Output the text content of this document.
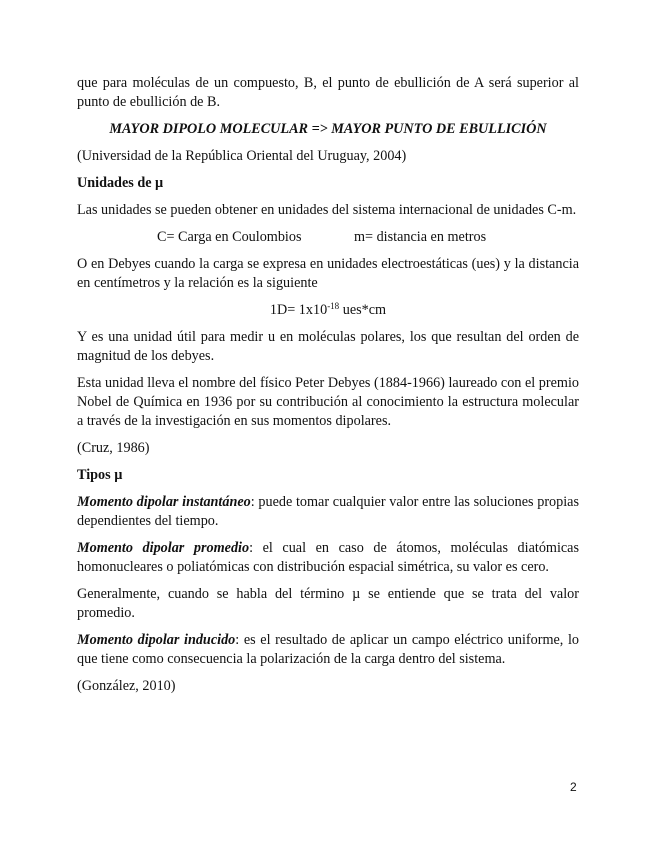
que para moléculas de un compuesto, B, el punto de ebullición de A será superior al punto de ebullición de B.

MAYOR DIPOLO MOLECULAR => MAYOR PUNTO DE EBULLICIÓN

(Universidad de la República Oriental del Uruguay, 2004)

Unidades de µ

Las unidades se pueden obtener en unidades del sistema internacional de unidades C-m.

C= Carga en Coulombios	m= distancia en metros

O en Debyes cuando la carga se expresa en unidades electroestáticas (ues) y la distancia en centímetros y la relación es la siguiente

$1D= 1x10^{-18}$ ues*cm

Y es una unidad útil para medir u en moléculas polares, los que resultan del orden de magnitud de los debyes.

Esta unidad lleva el nombre del físico Peter Debyes (1884-1966) laureado con el premio Nobel de Química en 1936 por su contribución al conocimiento la estructura molecular a través de la investigación en sus momentos dipolares.

(Cruz, 1986)

Tipos µ

Momento dipolar instantáneo: puede tomar cualquier valor entre las soluciones propias dependientes del tiempo.

Momento dipolar promedio: el cual en caso de átomos, moléculas diatómicas homonucleares o poliatómicas con distribución espacial simétrica, su valor es cero.

Generalmente, cuando se habla del término µ se entiende que se trata del valor promedio.

Momento dipolar inducido: es el resultado de aplicar un campo eléctrico uniforme, lo que tiene como consecuencia la polarización de la carga dentro del sistema.

(González, 2010)

2
